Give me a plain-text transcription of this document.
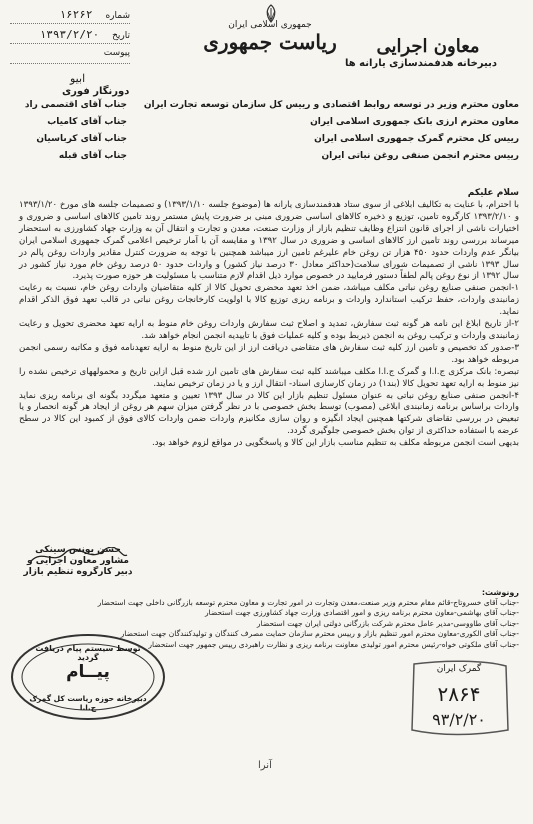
جمهوری اسلامی ایران
ریاست جمهوری	معاون اجرایی
دبیرخانه هدفمندسازی یارانه ها
شماره ۱۶۲۶۲
تاریخ ۱۳۹۳/۲/۲۰
پیوست
ابیو
دورنگار فوری
جناب آقای اقتصمی راد	معاون محترم وزیر در توسعه روابط اقتصادی و رییس کل سازمان توسعه تجارت ایران
جناب آقای کامیاب	معاون محترم ارزی بانک جمهوری اسلامی ایران
جناب آقای کرباسیان	رییس کل محترم گمرک جمهوری اسلامی ایران
جناب آقای قبله	رییس محترم انجمن صنفی روغن نباتی ایران
سلام علیکم

با احترام، با عنایت به تکالیف ابلاغی از سوی ستاد هدفمندسازی یارانه ها (موضوع جلسه ۱۳۹۳/۱/۱۰) و تصمیمات جلسه های مورخ ۱۳۹۳/۱/۲۰ و ۱۳۹۳/۲/۱۰ کارگروه تامین، توزیع و ذخیره کالاهای اساسی ضروری مبنی بر ضرورت پایش مستمر روند تامین کالاهای اساسی و ضروری و اختیارات ناشی از اجرای قانون انتزاع وظایف تنظیم بازار از وزارت صنعت، معدن و تجارت و انتقال آن به وزارت جهاد کشاورزی به استحضار میرساند بررسی روند تامین ارز کالاهای اساسی و ضروری در سال ۱۳۹۲ و مقایسه آن با آمار ترخیص اعلامی گمرک جمهوری اسلامی ایران بیانگر عدم واردات حدود ۴۵۰ هزار تن روغن خام علیرغم تامین ارز میباشد همچنین با توجه به ضرورت کنترل مقادیر واردات روغن پالم در سال ۱۳۹۳ ناشی از تصمیمات شورای سلامت(حداکثر معادل ۳۰ درصد نیاز کشور) و واردات حدود ۵۰ درصد روغن خام مورد نیاز کشور در سال ۱۳۹۲ از نوع روغن پالم لطفاً دستور فرمایید در خصوص موارد ذیل اقدام لازم متناسب با مسئولیت هر حوزه صورت پذیرد.

۱-انجمن صنفی صنایع روغن نباتی مکلف میباشد، ضمن اخذ تعهد محضری تحویل کالا از کلیه متقاضیان واردات روغن خام، نسبت به رعایت زمانبندی واردات، حفظ ترکیب استاندارد واردات و برنامه ریزی توزیع کالا با اولویت کارخانجات روغن نباتی در قالب تعهد فوق الذکر اقدام نماید.

۲-از تاریخ ابلاغ این نامه هر گونه ثبت سفارش، تمدید و اصلاح ثبت سفارش واردات روغن خام منوط به ارایه تعهد محضری تحویل و رعایت زمانبندی واردات و ترکیب روغن به انجمن ذیربط بوده و کلیه عملیات فوق با تاییدیه انجمن انجام خواهد شد.

۳-صدور کد تخصیص و تامین ارز کلیه ثبت سفارش های متقاضی دریافت ارز از این تاریخ منوط به ارایه تعهدنامه فوق و مکاتبه رسمی انجمن مربوطه خواهد بود.

تبصره: بانک مرکزی ج.ا.ا و گمرک ج.ا.ا مکلف میباشند کلیه ثبت سفارش های تامین ارز شده قبل ازاین تاریخ و محمولههای ترخیص نشده را نیز منوط به ارایه تعهد تحویل کالا (بند۱) در زمان کارسازی اسناد- انتقال ارز و یا در زمان ترخیص نمایند.

۴-انجمن صنفی صنایع روغن نباتی به عنوان مسئول تنظیم بازار این کالا در سال ۱۳۹۳ تعیین و متعهد میگردد بگونه ای برنامه ریزی نماید واردات براساس برنامه زمانبندی ابلاغی (مصوب) توسط بخش خصوصی با در نظر گرفتن میزان سهم هر روغن از ایجاد هر گونه انحصار و یا تبعیض در بررسی تقاضای شرکتها همچنین ایجاد انگیزه و روان سازی مکانیزم واردات ضمن واردات کالای فوق از کمبود این کالا در سطح عرضه با استفاده حداکثری از توان بخش خصوصی جلوگیری گردد.

بدیهی است انجمن مربوطه مکلف به تنظیم مناسب بازار این کالا و پاسخگویی در مواقع لزوم خواهد بود.

حسن یونس سینکی
مشاور معاون اجرایی و
دبیر کارگروه تنظیم بازار
رونوشت:
-جناب آقای خسروتاج-قائم مقام محترم وزیر صنعت،معدن وتجارت در امور تجارت و معاون محترم توسعه بازرگانی داخلی جهت استحضار
-جناب آقای بهاشمی-معاون محترم برنامه ریزی و امور اقتصادی وزارت جهاد کشاورزی جهت استحضار
-جناب آقای طاووسی-مدیر عامل محترم شرکت بازرگانی دولتی ایران جهت استحضار
-جناب آقای الکوری-معاون محترم امور تنظیم بازار و رییس محترم سازمان حمایت مصرف کنندگان و تولیدکنندگان جهت استحضار
-جناب آقای ملکوتی خواه-رئیس محترم امور تولیدی معاونت برنامه ریزی و نظارت راهبردی رییس جمهور جهت استحضار
توسط سیستم پیام دریافت گردید
پیــام
دبیرخانه حوزه ریاست کل گمرک ج.ا.ا
گمرک ایران
۲۸۶۴
۹۳/۲/۲۰
آنرا
